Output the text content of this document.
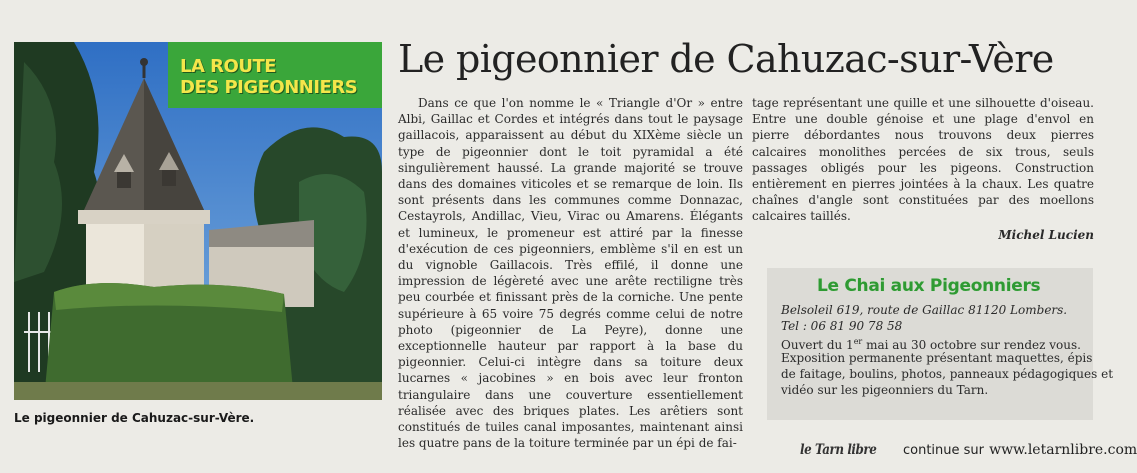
LA ROUTE
DES PIGEONNIERS
Le pigeonnier de Cahuzac-sur-Vère.
Le pigeonnier de Cahuzac-sur-Vère

Dans ce que l'on nomme le « Triangle d'Or » entre Albi, Gaillac et Cordes et intégrés dans tout le paysage gaillacois, apparaissent au début du XIXème siècle un type de pigeonnier dont le toit pyramidal a été singulièrement haussé. La grande majorité se trouve dans des domaines viticoles et se remarque de loin. Ils sont présents dans les communes comme Donnazac, Cestayrols, Andillac, Vieu, Virac ou Amarens. Élégants et lumineux, le promeneur est attiré par la finesse d'exécution de ces pigeonniers, emblème s'il en est un du vignoble Gaillacois. Très effilé, il donne une impression de légèreté avec une arête rectiligne très peu courbée et finissant près de la corniche. Une pente supérieure à 65 voire 75 degrés comme celui de notre photo (pigeonnier de La Peyre), donne une exceptionnelle hauteur par rapport à la base du pigeonnier. Celui-ci intègre dans sa toiture deux lucarnes « jacobines » en bois avec leur fronton triangulaire dans une couverture essentiellement réalisée avec des briques plates. Les arêtiers sont constitués de tuiles canal imposantes, maintenant ainsi les quatre pans de la toiture terminée par un épi de fai-

tage représentant une quille et une silhouette d'oiseau. Entre une double génoise et une plage d'envol en pierre débordantes nous trouvons deux pierres calcaires monolithes percées de six trous, seuls passages obligés pour les pigeons. Construction entièrement en pierres jointées à la chaux. Les quatre chaînes d'angle sont constituées par des moellons calcaires taillés.

Michel Lucien
Le Chai aux Pigeonniers
Belsoleil 619, route de Gaillac 81120 Lombers.
Tel : 06 81 90 78 58
Ouvert du 1er mai au 30 octobre sur rendez vous.
Exposition permanente présentant maquettes, épis
de faitage, boulins, photos, panneaux pédagogiques et
vidéo sur les pigeonniers du Tarn.
le Tarn libre continue sur www.letarnlibre.com
